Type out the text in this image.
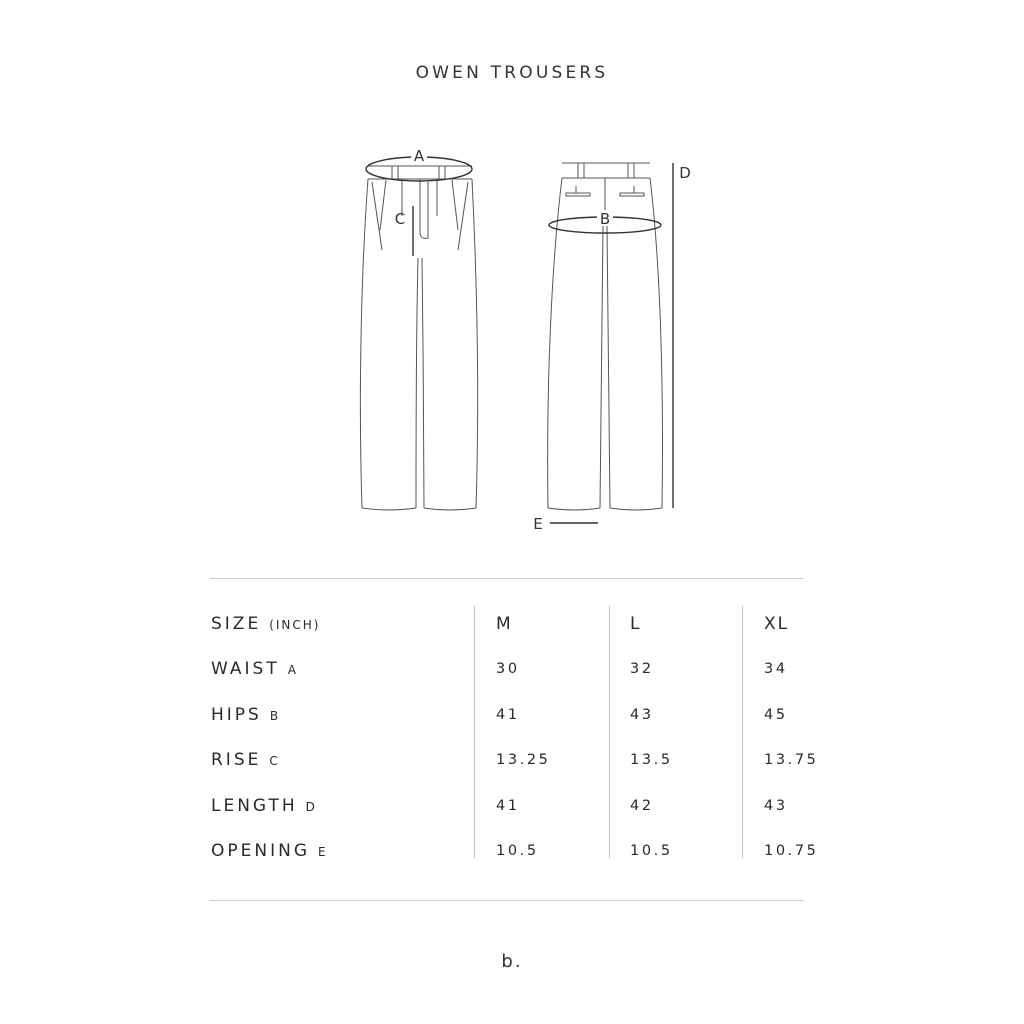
OWEN TROUSERS
A
B
C
D
E
SIZE (INCH)	M	L	XL
WAIST A	30	32	34
HIPS B	41	43	45
RISE C	13.25	13.5	13.75
LENGTH D	41	42	43
OPENING E	10.5	10.5	10.75
b.
